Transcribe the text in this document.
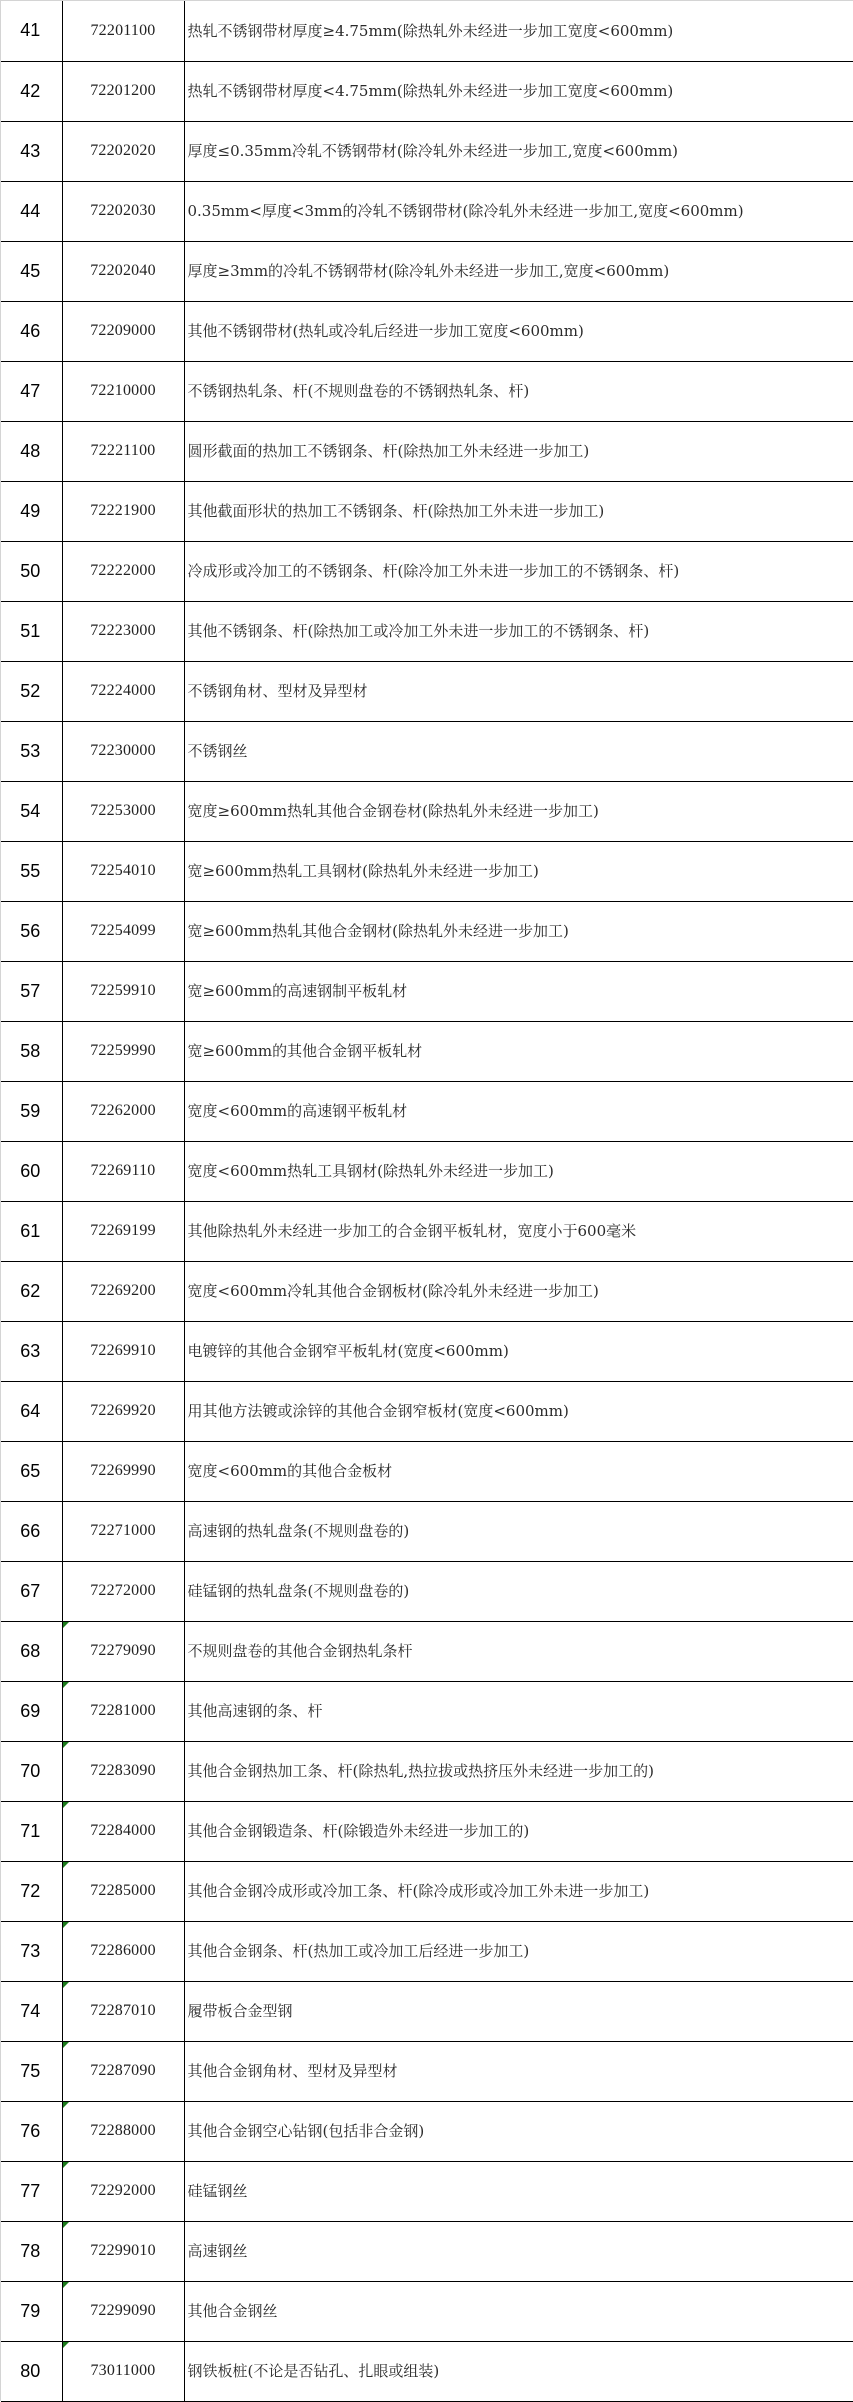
41	72201100	热轧不锈钢带材厚度≥4.75mm(除热轧外未经进一步加工宽度<600mm)
42	72201200	热轧不锈钢带材厚度<4.75mm(除热轧外未经进一步加工宽度<600mm)
43	72202020	厚度≤0.35mm冷轧不锈钢带材(除冷轧外未经进一步加工,宽度<600mm)
44	72202030	0.35mm<厚度<3mm的冷轧不锈钢带材(除冷轧外未经进一步加工,宽度<600mm)
45	72202040	厚度≥3mm的冷轧不锈钢带材(除冷轧外未经进一步加工,宽度<600mm)
46	72209000	其他不锈钢带材(热轧或冷轧后经进一步加工宽度<600mm)
47	72210000	不锈钢热轧条、杆(不规则盘卷的不锈钢热轧条、杆)
48	72221100	圆形截面的热加工不锈钢条、杆(除热加工外未经进一步加工)
49	72221900	其他截面形状的热加工不锈钢条、杆(除热加工外未进一步加工)
50	72222000	冷成形或冷加工的不锈钢条、杆(除冷加工外未进一步加工的不锈钢条、杆)
51	72223000	其他不锈钢条、杆(除热加工或冷加工外未进一步加工的不锈钢条、杆)
52	72224000	不锈钢角材、型材及异型材
53	72230000	不锈钢丝
54	72253000	宽度≥600mm热轧其他合金钢卷材(除热轧外未经进一步加工)
55	72254010	宽≥600mm热轧工具钢材(除热轧外未经进一步加工)
56	72254099	宽≥600mm热轧其他合金钢材(除热轧外未经进一步加工)
57	72259910	宽≥600mm的高速钢制平板轧材
58	72259990	宽≥600mm的其他合金钢平板轧材
59	72262000	宽度<600mm的高速钢平板轧材
60	72269110	宽度<600mm热轧工具钢材(除热轧外未经进一步加工)
61	72269199	其他除热轧外未经进一步加工的合金钢平板轧材，宽度小于600毫米
62	72269200	宽度<600mm冷轧其他合金钢板材(除冷轧外未经进一步加工)
63	72269910	电镀锌的其他合金钢窄平板轧材(宽度<600mm)
64	72269920	用其他方法镀或涂锌的其他合金钢窄板材(宽度<600mm)
65	72269990	宽度<600mm的其他合金板材
66	72271000	高速钢的热轧盘条(不规则盘卷的)
67	72272000	硅锰钢的热轧盘条(不规则盘卷的)
68	72279090	不规则盘卷的其他合金钢热轧条杆
69	72281000	其他高速钢的条、杆
70	72283090	其他合金钢热加工条、杆(除热轧,热拉拔或热挤压外未经进一步加工的)
71	72284000	其他合金钢锻造条、杆(除锻造外未经进一步加工的)
72	72285000	其他合金钢冷成形或冷加工条、杆(除冷成形或冷加工外未进一步加工)
73	72286000	其他合金钢条、杆(热加工或冷加工后经进一步加工)
74	72287010	履带板合金型钢
75	72287090	其他合金钢角材、型材及异型材
76	72288000	其他合金钢空心钻钢(包括非合金钢)
77	72292000	硅锰钢丝
78	72299010	高速钢丝
79	72299090	其他合金钢丝
80	73011000	钢铁板桩(不论是否钻孔、扎眼或组装)
